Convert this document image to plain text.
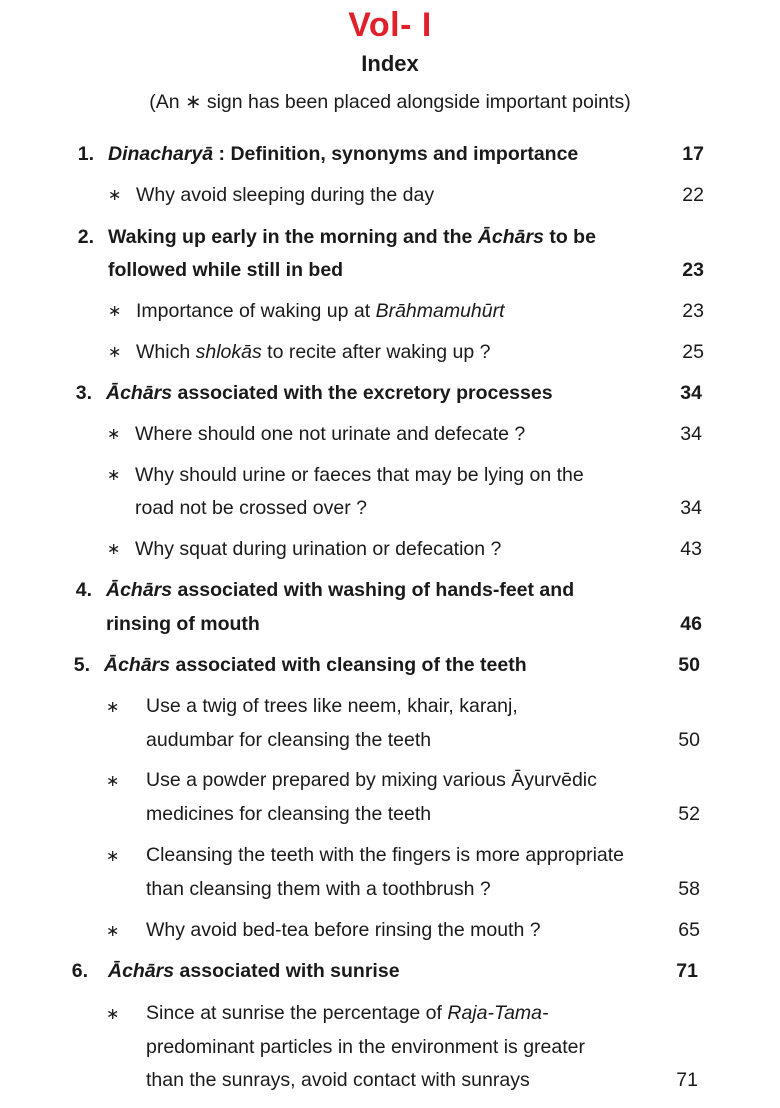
Vol- I
Index
(An ∗ sign has been placed alongside important points)
1. Dinacharyā : Definition, synonyms and importance	17
∗ Why avoid sleeping during the day	22
2. Waking up early in the morning and the Āchārs to be
followed while still in bed	23
∗ Importance of waking up at Brāhmamuhūrt	23
∗ Which shlokās to recite after waking up ?	25
3. Āchārs associated with the excretory processes	34
∗ Where should one not urinate and defecate ?	34
∗ Why should urine or faeces that may be lying on the
road not be crossed over ?	34
∗ Why squat during urination or defecation ?	43
4. Āchārs associated with washing of hands-feet and
rinsing of mouth	46
5. Āchārs associated with cleansing of the teeth	50
∗ Use a twig of trees like neem, khair, karanj,
audumbar for cleansing the teeth	50
∗ Use a powder prepared by mixing various Āyurvēdic
medicines for cleansing the teeth	52
∗ Cleansing the teeth with the fingers is more appropriate
than cleansing them with a toothbrush ?	58
∗ Why avoid bed-tea before rinsing the mouth ?	65
6. Āchārs associated with sunrise	71
∗ Since at sunrise the percentage of Raja-Tama-
predominant particles in the environment is greater
than the sunrays, avoid contact with sunrays	71
